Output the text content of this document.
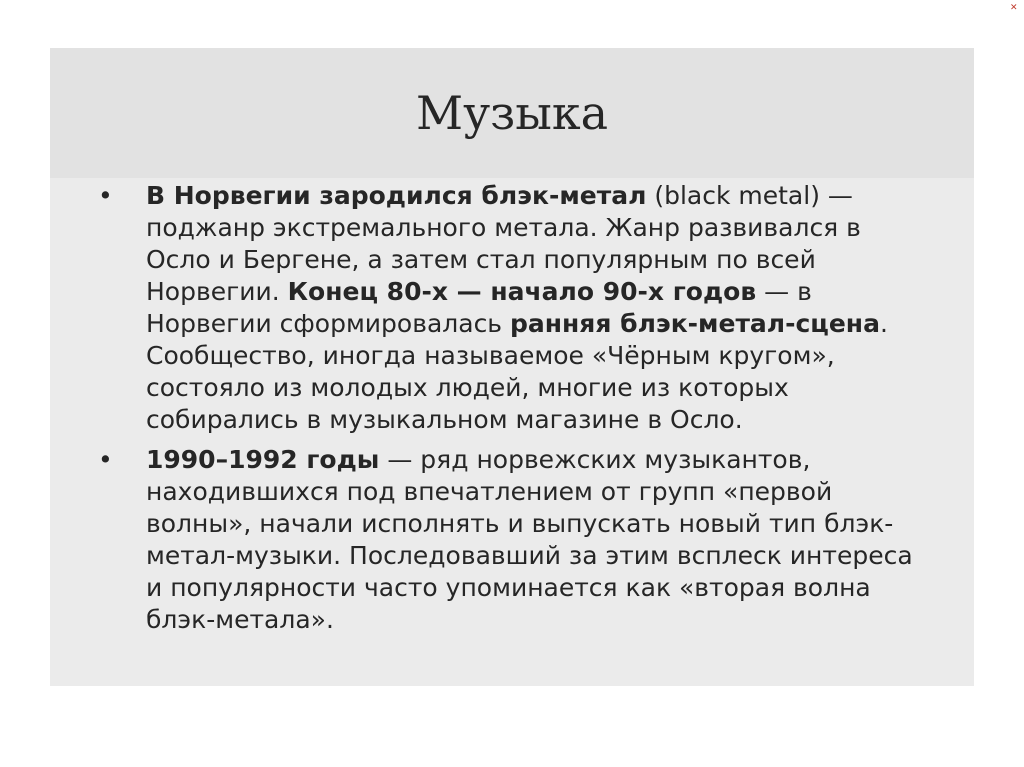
✕
Музыка
• В Норвегии зародился блэк-метал (black metal) — поджанр экстремального метала. Жанр развивался в Осло и Бергене, а затем стал популярным по всей Норвегии. Конец 80-х — начало 90-х годов — в Норвегии сформировалась ранняя блэк-метал-сцена. Сообщество, иногда называемое «Чёрным кругом», состояло из молодых людей, многие из которых собирались в музыкальном магазине в Осло.
• 1990–1992 годы — ряд норвежских музыкантов, находившихся под впечатлением от групп «первой волны», начали исполнять и выпускать новый тип блэк-метал-музыки. Последовавший за этим всплеск интереса и популярности часто упоминается как «вторая волна блэк-метала».
